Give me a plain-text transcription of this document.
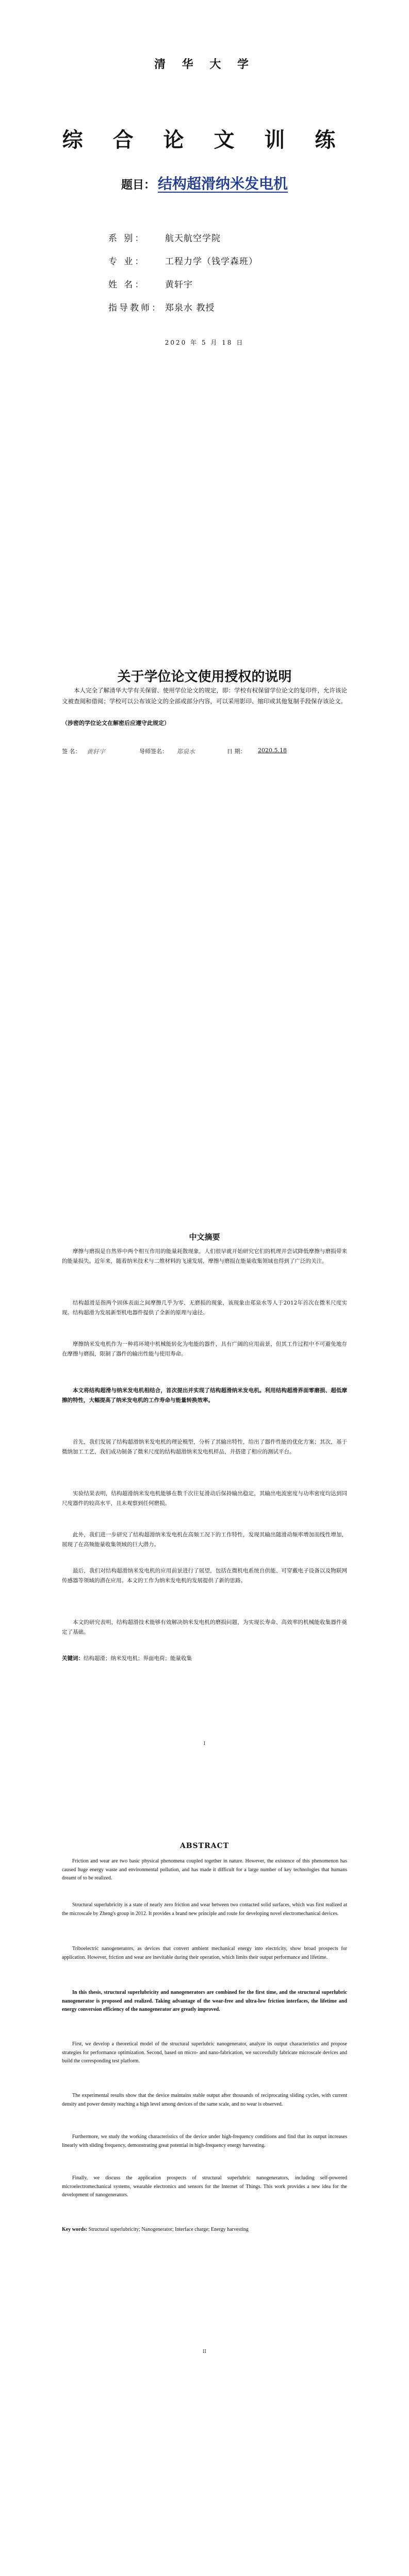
清 华 大 学
综 合 论 文 训 练
题目： 结构超滑纳米发电机
系 别： 航天航空学院
专 业： 工程力学（钱学森班）
姓 名： 黄轩宇
指导教师： 郑泉水 教授
2020 年 5 月 18 日
关于学位论文使用授权的说明
本人完全了解清华大学有关保留、使用学位论文的规定，即：学校有权保留学位论文的复印件，允许该论文被查阅和借阅；学校可以公布该论文的全部或部分内容，可以采用影印、缩印或其他复制手段保存该论文。
（涉密的学位论文在解密后应遵守此规定）
签 名： 黄轩宇	导师签名： 郑泉水	日 期： 2020.5.18
中文摘要
摩擦与磨损是自然界中两个相互作用的能量耗散现象，人们很早就开始研究它们的机理并尝试降低摩擦与磨损带来的能量损失。近年来，随着纳米技术与二维材料的飞速发展，摩擦与磨损在能量收集领域也得到了广泛的关注。
结构超滑是指两个固体表面之间摩擦几乎为零、无磨损的现象，该现象由郑泉水等人于2012年首次在微米尺度实现。结构超滑为发展新型机电器件提供了全新的原理与途径。
摩擦纳米发电机作为一种将环境中机械能转化为电能的器件，具有广阔的应用前景，但其工作过程中不可避免地存在摩擦与磨损，限制了器件的输出性能与使用寿命。
本文将结构超滑与纳米发电机相结合，首次提出并实现了结构超滑纳米发电机。利用结构超滑界面零磨损、超低摩擦的特性，大幅提高了纳米发电机的工作寿命与能量转换效率。
首先，我们发展了结构超滑纳米发电机的理论模型，分析了其输出特性，给出了器件性能的优化方案；其次，基于微纳加工工艺，我们成功制备了微米尺度的结构超滑纳米发电机样品，并搭建了相应的测试平台。
实验结果表明，结构超滑纳米发电机能够在数千次往复滑动后保持输出稳定，其输出电流密度与功率密度均达到同尺度器件的较高水平，且未观察到任何磨损。
此外，我们进一步研究了结构超滑纳米发电机在高频工况下的工作特性，发现其输出随滑动频率增加而线性增加，展现了在高频能量收集领域的巨大潜力。
最后，我们对结构超滑纳米发电机的应用前景进行了展望，包括在微机电系统自供能、可穿戴电子设备以及物联网传感器等领域的潜在应用。本文的工作为纳米发电机的发展提供了新的思路。
本文的研究表明，结构超滑技术能够有效解决纳米发电机的磨损问题，为实现长寿命、高效率的机械能收集器件奠定了基础。
关键词：结构超滑；纳米发电机；界面电荷；能量收集
I
ABSTRACT
Friction and wear are two basic physical phenomena coupled together in nature. However, the existence of this phenomenon has caused huge energy waste and environmental pollution, and has made it difficult for a large number of key technologies that humans dreamt of to be realized.
Structural superlubricity is a state of nearly zero friction and wear between two contacted solid surfaces, which was first realized at the microscale by Zheng's group in 2012. It provides a brand new principle and route for developing novel electromechanical devices.
Triboelectric nanogenerators, as devices that convert ambient mechanical energy into electricity, show broad prospects for application. However, friction and wear are inevitable during their operation, which limits their output performance and lifetime.
In this thesis, structural superlubricity and nanogenerators are combined for the first time, and the structural superlubric nanogenerator is proposed and realized. Taking advantage of the wear-free and ultra-low friction interfaces, the lifetime and energy conversion efficiency of the nanogenerator are greatly improved.
First, we develop a theoretical model of the structural superlubric nanogenerator, analyze its output characteristics and propose strategies for performance optimization. Second, based on micro- and nano-fabrication, we successfully fabricate microscale devices and build the corresponding test platform.
The experimental results show that the device maintains stable output after thousands of reciprocating sliding cycles, with current density and power density reaching a high level among devices of the same scale, and no wear is observed.
Furthermore, we study the working characteristics of the device under high-frequency conditions and find that its output increases linearly with sliding frequency, demonstrating great potential in high-frequency energy harvesting.
Finally, we discuss the application prospects of structural superlubric nanogenerators, including self-powered microelectromechanical systems, wearable electronics and sensors for the Internet of Things. This work provides a new idea for the development of nanogenerators.
Key words: Structural superlubricity; Nanogenerator; Interface charge; Energy harvesting
II
